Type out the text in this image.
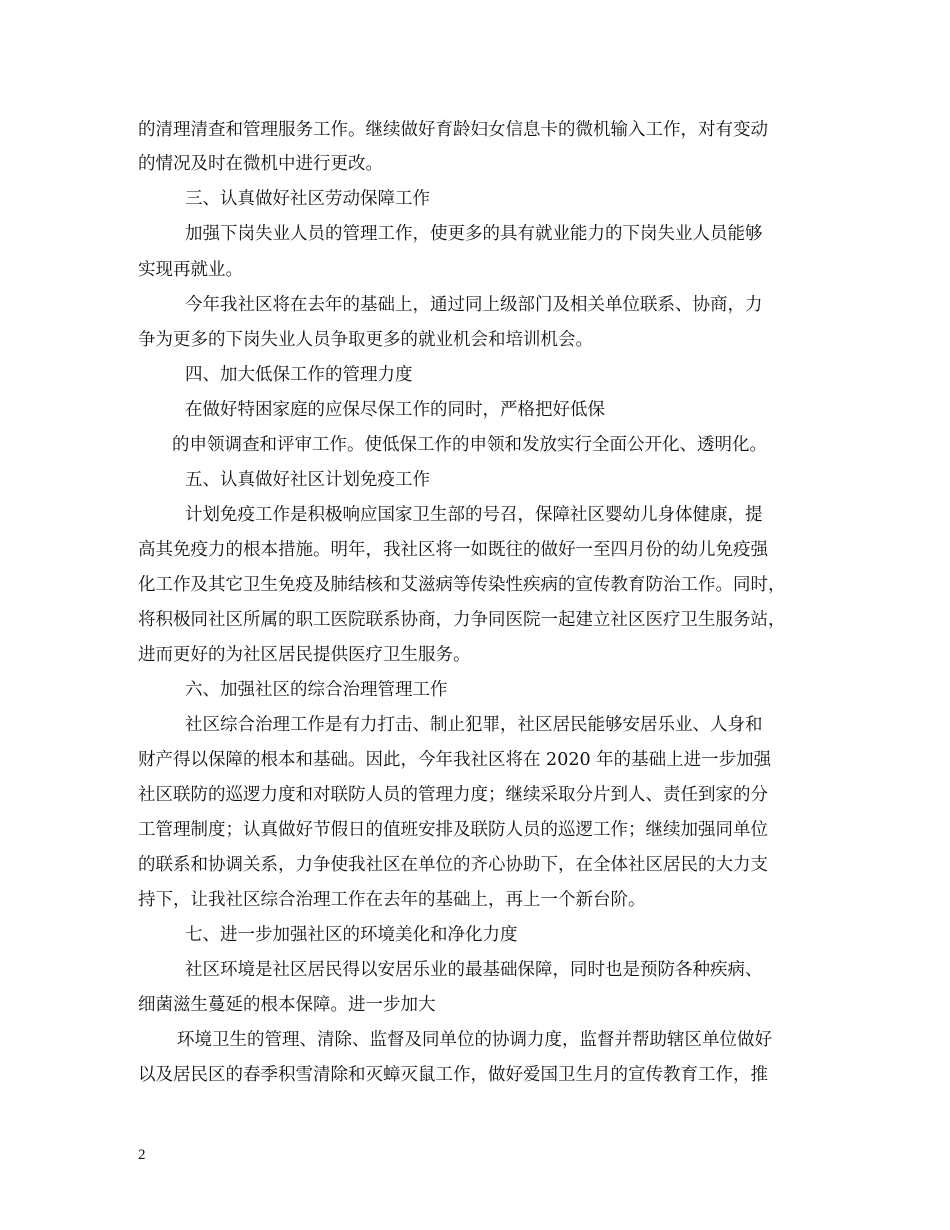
的清理清查和管理服务工作。继续做好育龄妇女信息卡的微机输入工作，对有变动
的情况及时在微机中进行更改。
三、认真做好社区劳动保障工作
加强下岗失业人员的管理工作，使更多的具有就业能力的下岗失业人员能够
实现再就业。
今年我社区将在去年的基础上，通过同上级部门及相关单位联系、协商，力
争为更多的下岗失业人员争取更多的就业机会和培训机会。
四、加大低保工作的管理力度
在做好特困家庭的应保尽保工作的同时，严格把好低保
的申领调查和评审工作。使低保工作的申领和发放实行全面公开化、透明化。
五、认真做好社区计划免疫工作
计划免疫工作是积极响应国家卫生部的号召，保障社区婴幼儿身体健康，提
高其免疫力的根本措施。明年，我社区将一如既往的做好一至四月份的幼儿免疫强
化工作及其它卫生免疫及肺结核和艾滋病等传染性疾病的宣传教育防治工作。同时，
将积极同社区所属的职工医院联系协商，力争同医院一起建立社区医疗卫生服务站，
进而更好的为社区居民提供医疗卫生服务。
六、加强社区的综合治理管理工作
社区综合治理工作是有力打击、制止犯罪，社区居民能够安居乐业、人身和
财产得以保障的根本和基础。因此，今年我社区将在 2020 年的基础上进一步加强
社区联防的巡逻力度和对联防人员的管理力度；继续采取分片到人、责任到家的分
工管理制度；认真做好节假日的值班安排及联防人员的巡逻工作；继续加强同单位
的联系和协调关系，力争使我社区在单位的齐心协助下，在全体社区居民的大力支
持下，让我社区综合治理工作在去年的基础上，再上一个新台阶。
七、进一步加强社区的环境美化和净化力度
社区环境是社区居民得以安居乐业的最基础保障，同时也是预防各种疾病、
细菌滋生蔓延的根本保障。进一步加大
环境卫生的管理、清除、监督及同单位的协调力度，监督并帮助辖区单位做好
以及居民区的春季积雪清除和灭蟑灭鼠工作，做好爱国卫生月的宣传教育工作，推
2
